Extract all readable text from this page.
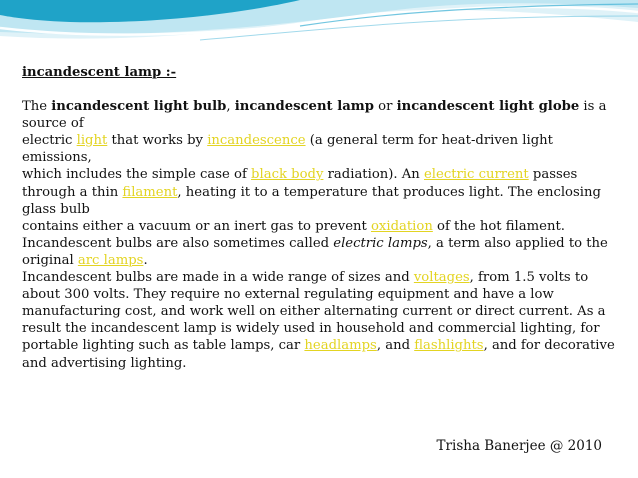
incandescent lamp :-

The incandescent light bulb, incandescent lamp or incandescent light globe is a source of
electric light that works by incandescence (a general term for heat-driven light emissions,
which includes the simple case of black body radiation). An electric current passes through a thin filament, heating it to a temperature that produces light. The enclosing glass bulb
contains either a vacuum or an inert gas to prevent oxidation of the hot filament. Incandescent bulbs are also sometimes called electric lamps, a term also applied to the original arc lamps.

Incandescent bulbs are made in a wide range of sizes and voltages, from 1.5 volts to about 300 volts. They require no external regulating equipment and have a low manufacturing cost, and work well on either alternating current or direct current. As a result the incandescent lamp is widely used in household and commercial lighting, for portable lighting such as table lamps, car headlamps, and flashlights, and for decorative and advertising lighting.

Trisha Banerjee @ 2010
